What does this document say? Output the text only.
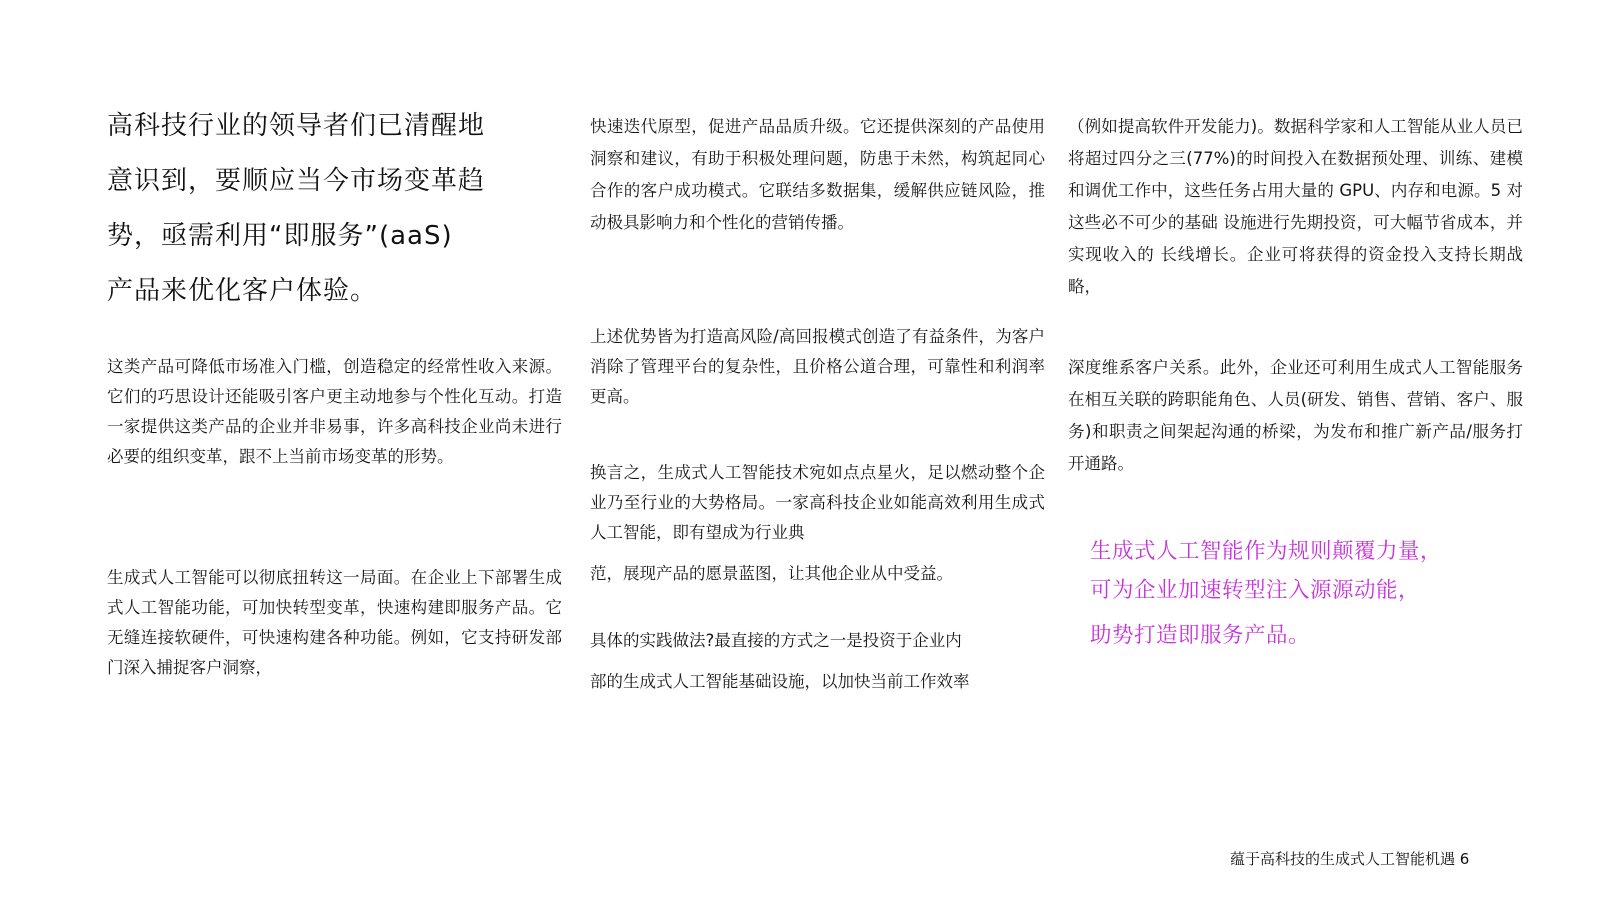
高科技行业的领导者们已清醒地
意识到，要顺应当今市场变革趋
势，亟需利用“即服务”(aaS)
产品来优化客户体验。

这类产品可降低市场准入门槛，创造稳定的经常性收入来源。它们的巧思设计还能吸引客户更主动地参与个性化互动。打造一家提供这类产品的企业并非易事，许多高科技企业尚未进行必要的组织变革，跟不上当前市场变革的形势。

生成式人工智能可以彻底扭转这一局面。在企业上下部署生成式人工智能功能，可加快转型变革，快速构建即服务产品。它无缝连接软硬件，可快速构建各种功能。例如，它支持研发部门深入捕捉客户洞察，

快速迭代原型，促进产品品质升级。它还提供深刻的产品使用洞察和建议，有助于积极处理问题，防患于未然，构筑起同心合作的客户成功模式。它联结多数据集，缓解供应链风险，推动极具影响力和个性化的营销传播。

上述优势皆为打造高风险/高回报模式创造了有益条件，为客户消除了管理平台的复杂性，且价格公道合理，可靠性和利润率更高。

换言之，生成式人工智能技术宛如点点星火，足以燃动整个企业乃至行业的大势格局。一家高科技企业如能高效利用生成式人工智能，即有望成为行业典

范，展现产品的愿景蓝图，让其他企业从中受益。

具体的实践做法?最直接的方式之一是投资于企业内
部的生成式人工智能基础设施，以加快当前工作效率

（例如提高软件开发能力)。数据科学家和人工智能从业人员已将超过四分之三(77%)的时间投入在数据预处理、训练、建模和调优工作中，这些任务占用大量的 GPU、内存和电源。5 对这些必不可少的基础 设施进行先期投资，可大幅节省成本，并实现收入的 长线增长。企业可将获得的资金投入支持长期战略，

深度维系客户关系。此外，企业还可利用生成式人工智能服务在相互关联的跨职能角色、人员(研发、销售、营销、客户、服务)和职责之间架起沟通的桥梁，为发布和推广新产品/服务打开通路。

生成式人工智能作为规则颠覆力量，
可为企业加速转型注入源源动能，
助势打造即服务产品。
蕴于高科技的生成式人工智能机遇 6
